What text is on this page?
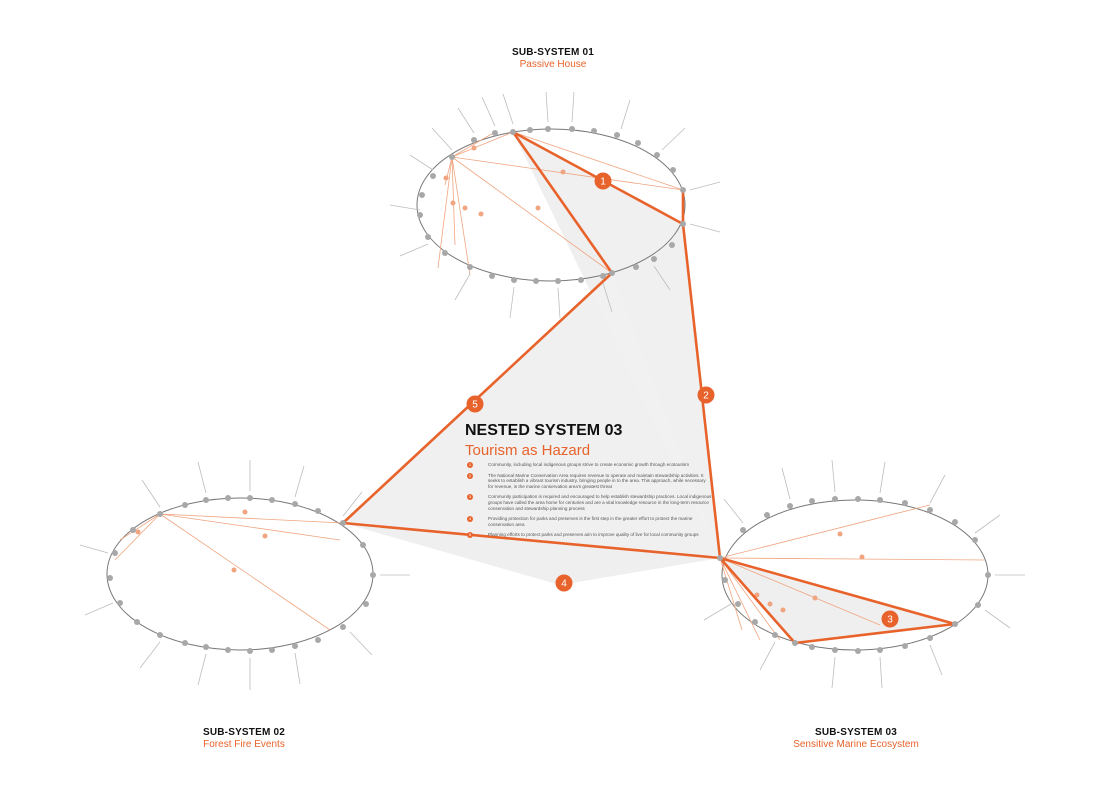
1
2
3
4
5
SUB-SYSTEM 01
Passive House
SUB-SYSTEM 02
Forest Fire Events
SUB-SYSTEM 03
Sensitive Marine Ecosystem
NESTED SYSTEM 03
Tourism as Hazard
1	Community, including local indigenous groups strive to create economic growth through ecotourism
2	The National Marine Conservation Area requires revenue to operate and maintain stewardship activities. It seeks to establish a vibrant tourism industry, bringing people in to the area. This approach, while necessary for revenue, is the marine conservation area's greatest threat
3	Community participation is required and encouraged to help establish stewardship practices. Local indigenous groups have called the area home for centuries and are a vital knowledge resource in the long-term resource conservation and stewardship planning process
4	Providing protection for parks and preserves is the first step in the greater effort to protect the marine conservation area
5	Planning efforts to protect parks and preserves aim to improve quality of live for local community groups
